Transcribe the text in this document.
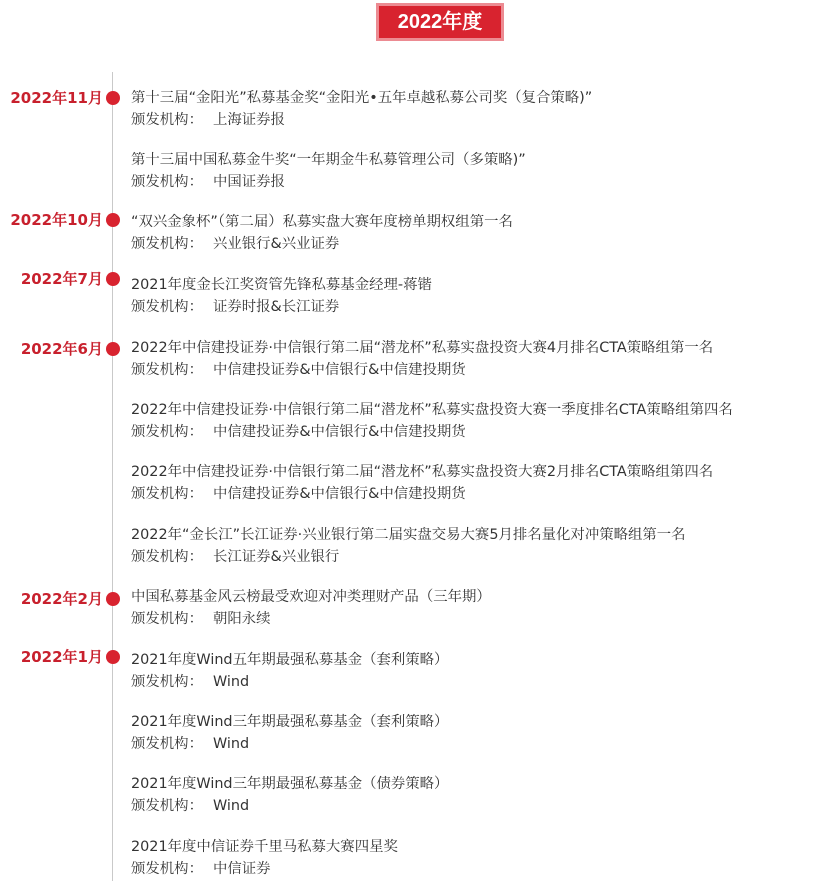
2022年度
2022年11月
2022年10月
2022年7月
2022年6月
2022年2月
2022年1月
第十三届“金阳光”私募基金奖“金阳光•五年卓越私募公司奖（复合策略)”
颁发机构： 上海证券报
第十三届中国私募金牛奖“一年期金牛私募管理公司（多策略)”
颁发机构： 中国证券报
“双兴金象杯”（第二届）私募实盘大赛年度榜单期权组第一名
颁发机构： 兴业银行&兴业证券
2021年度金长江奖资管先锋私募基金经理-蒋锴
颁发机构： 证券时报&长江证券
2022年中信建投证券·中信银行第二届“潜龙杯”私募实盘投资大赛4月排名CTA策略组第一名
颁发机构： 中信建投证券&中信银行&中信建投期货
2022年中信建投证券·中信银行第二届“潜龙杯”私募实盘投资大赛一季度排名CTA策略组第四名
颁发机构： 中信建投证券&中信银行&中信建投期货
2022年中信建投证券·中信银行第二届“潜龙杯”私募实盘投资大赛2月排名CTA策略组第四名
颁发机构： 中信建投证券&中信银行&中信建投期货
2022年“金长江”长江证券·兴业银行第二届实盘交易大赛5月排名量化对冲策略组第一名
颁发机构： 长江证券&兴业银行
中国私募基金风云榜最受欢迎对冲类理财产品（三年期）
颁发机构： 朝阳永续
2021年度Wind五年期最强私募基金（套利策略）
颁发机构： Wind
2021年度Wind三年期最强私募基金（套利策略）
颁发机构： Wind
2021年度Wind三年期最强私募基金（债券策略）
颁发机构： Wind
2021年度中信证券千里马私募大赛四星奖
颁发机构： 中信证券
